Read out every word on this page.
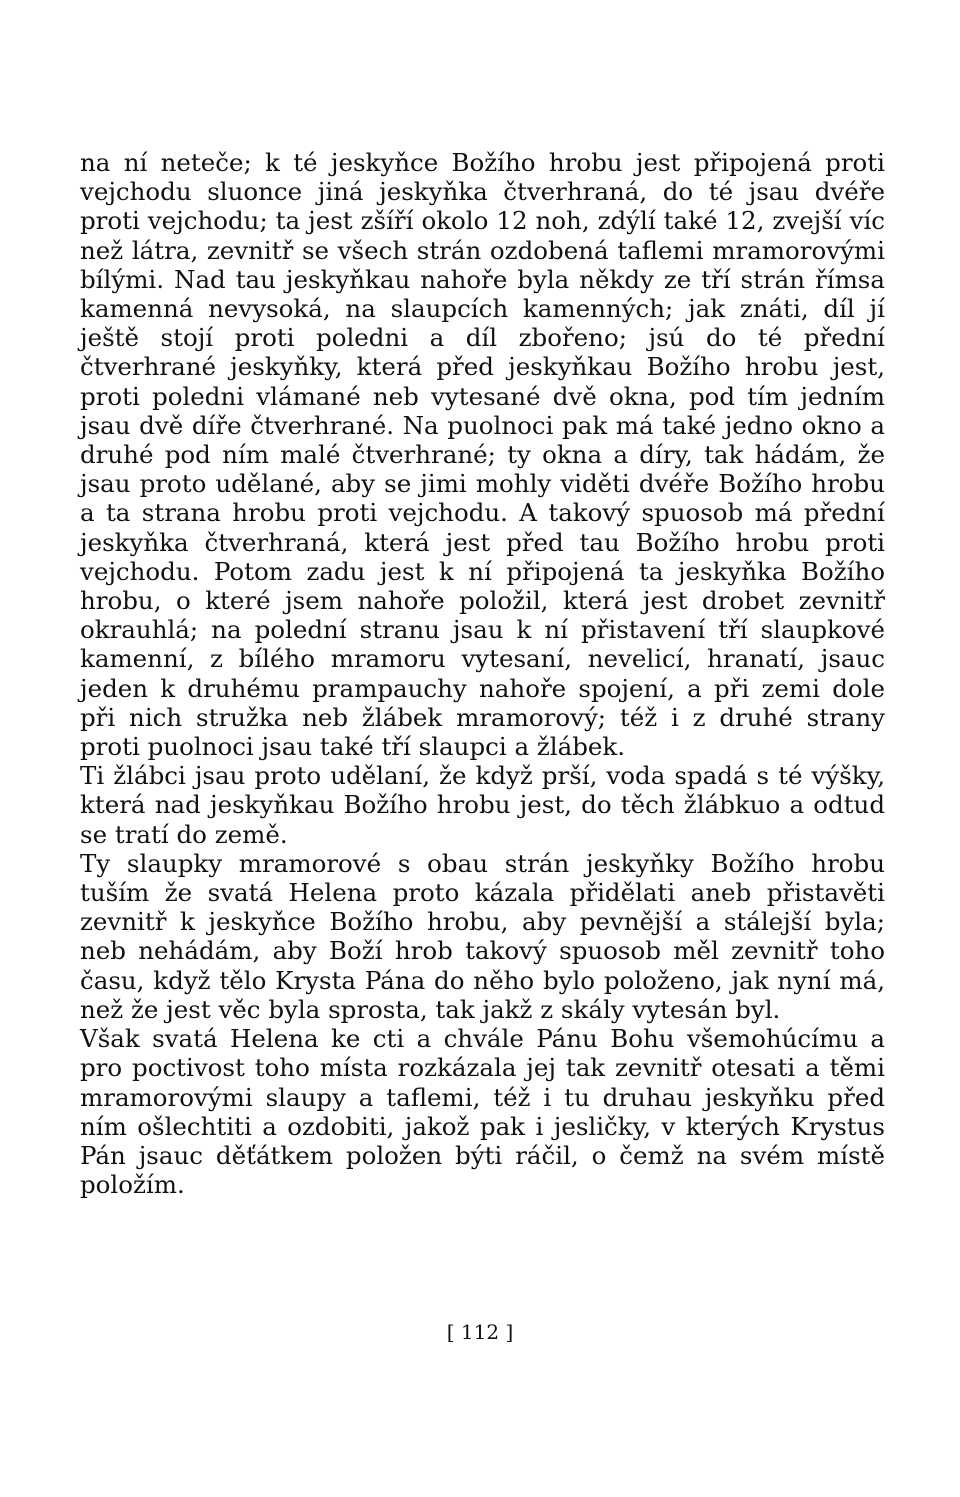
na ní neteče; k té jeskyňce Božího hrobu jest připojená proti vejchodu sluonce jiná jeskyňka čtverhraná, do té jsau dvéře proti vejchodu; ta jest zšíří okolo 12 noh, zdýlí také 12, zvejší víc než látra, zevnitř se všech strán ozdobená taflemi mramorovými bílými. Nad tau jeskyňkau nahoře byla někdy ze tří strán římsa kamenná nevysoká, na slaupcích kamenných; jak znáti, díl jí ještě stojí proti poledni a díl zbořeno; jsú do té přední čtverhrané jeskyňky, která před jeskyňkau Božího hrobu jest, proti poledni vlámané neb vytesané dvě okna, pod tím jedním jsau dvě díře čtverhrané. Na puolnoci pak má také jedno okno a druhé pod ním malé čtverhrané; ty okna a díry, tak hádám, že jsau proto udělané, aby se jimi mohly viděti dvéře Božího hrobu a ta strana hrobu proti vejchodu. A takový spuosob má přední jeskyňka čtverhraná, která jest před tau Božího hrobu proti vejchodu. Potom zadu jest k ní připojená ta jeskyňka Božího hrobu, o které jsem nahoře položil, která jest drobet zevnitř okrauhlá; na polední stranu jsau k ní přistavení tří slaupkové kamenní, z bílého mramoru vytesaní, nevelicí, hranatí, jsauc jeden k druhému prampauchy nahoře spojení, a při zemi dole při nich stružka neb žlábek mramorový; též i z druhé strany proti puolnoci jsau také tří slaupci a žlábek.

Ti žlábci jsau proto udělaní, že když prší, voda spadá s té výšky, která nad jeskyňkau Božího hrobu jest, do těch žlábkuo a odtud se tratí do země.

Ty slaupky mramorové s obau strán jeskyňky Božího hrobu tuším že svatá Helena proto kázala přidělati aneb přistavěti zevnitř k jeskyňce Božího hrobu, aby pevnější a stálejší byla; neb nehádám, aby Boží hrob takový spuosob měl zevnitř toho času, když tělo Krysta Pána do něho bylo položeno, jak nyní má, než že jest věc byla sprosta, tak jakž z skály vytesán byl.

Však svatá Helena ke cti a chvále Pánu Bohu všemohúcímu a pro poctivost toho místa rozkázala jej tak zevnitř otesati a těmi mramorovými slaupy a taflemi, též i tu druhau jeskyňku před ním ošlechtiti a ozdobiti, jakož pak i jesličky, v kterých Krystus Pán jsauc děťátkem položen býti ráčil, o čemž na svém místě položím.

[ 112 ]
